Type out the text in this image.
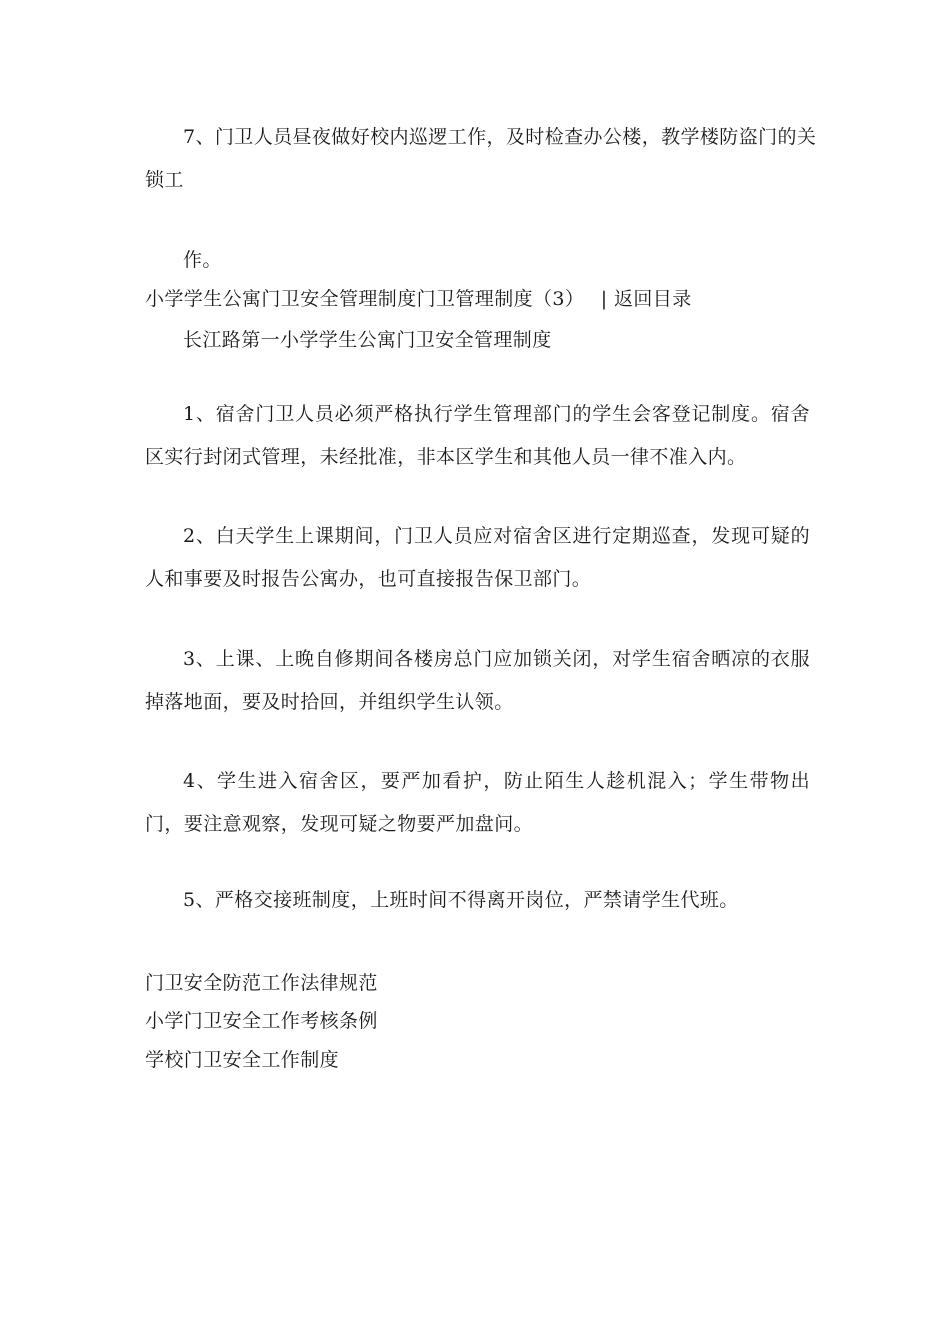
7、门卫人员昼夜做好校内巡逻工作，及时检查办公楼，教学楼防盗门的关
锁工
作。
小学学生公寓门卫安全管理制度门卫管理制度（3） | 返回目录
长江路第一小学学生公寓门卫安全管理制度

1、宿舍门卫人员必须严格执行学生管理部门的学生会客登记制度。宿舍区实行封闭式管理，未经批准，非本区学生和其他人员一律不准入内。

2、白天学生上课期间，门卫人员应对宿舍区进行定期巡查，发现可疑的人和事要及时报告公寓办，也可直接报告保卫部门。

3、上课、上晚自修期间各楼房总门应加锁关闭，对学生宿舍晒凉的衣服掉落地面，要及时拾回，并组织学生认领。

4、学生进入宿舍区，要严加看护，防止陌生人趁机混入；学生带物出门，要注意观察，发现可疑之物要严加盘问。

5、严格交接班制度，上班时间不得离开岗位，严禁请学生代班。

门卫安全防范工作法律规范
小学门卫安全工作考核条例
学校门卫安全工作制度
